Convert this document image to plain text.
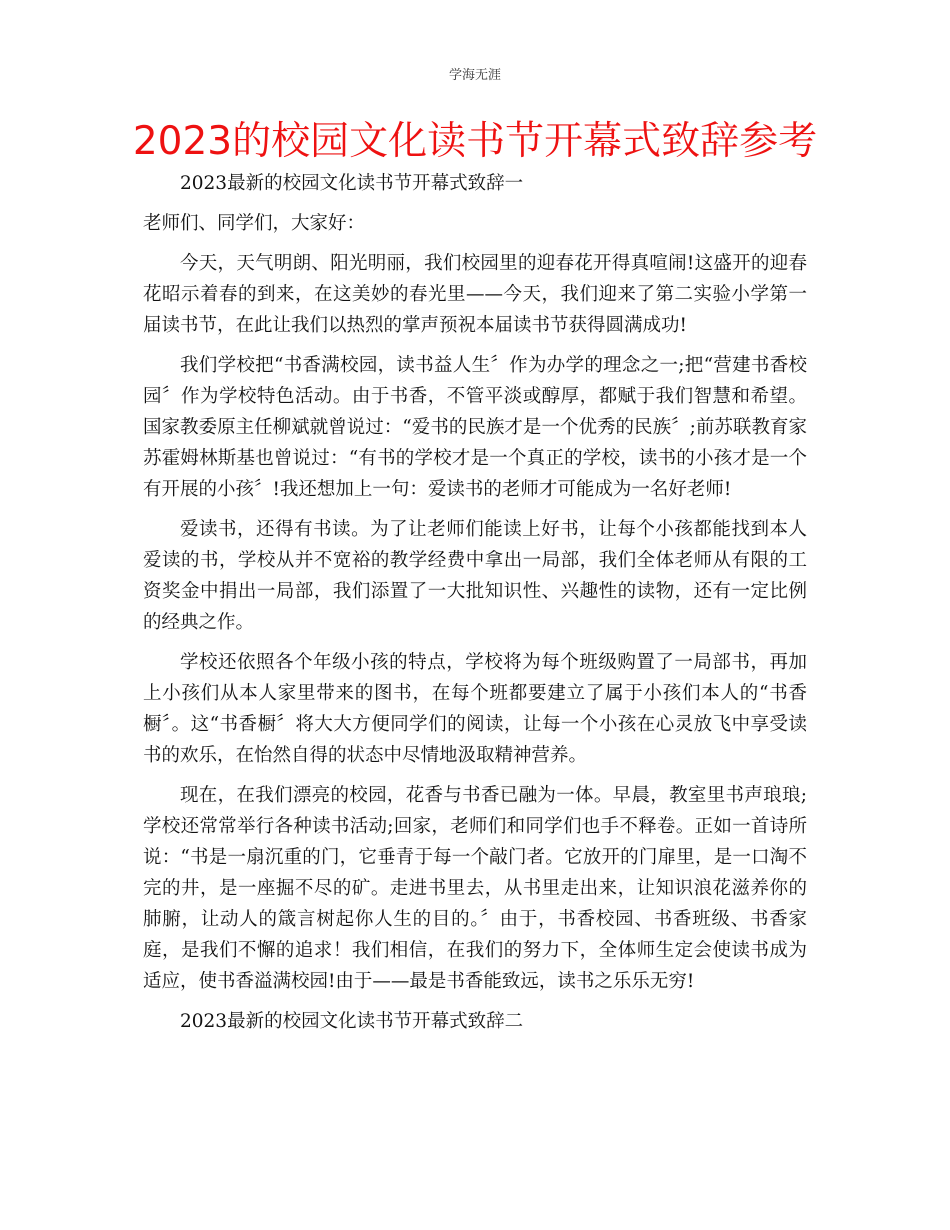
学海无涯
2023的校园文化读书节开幕式致辞参考

2023最新的校园文化读书节开幕式致辞一

老师们、同学们，大家好：

今天，天气明朗、阳光明丽，我们校园里的迎春花开得真喧闹!这盛开的迎春花昭示着春的到来，在这美妙的春光里——今天，我们迎来了第二实验小学第一届读书节，在此让我们以热烈的掌声预祝本届读书节获得圆满成功!

我们学校把“书香满校园，读书益人生〞作为办学的理念之一;把“营建书香校园〞作为学校特色活动。由于书香，不管平淡或醇厚，都赋于我们智慧和希望。国家教委原主任柳斌就曾说过：“爱书的民族才是一个优秀的民族〞;前苏联教育家苏霍姆林斯基也曾说过：“有书的学校才是一个真正的学校，读书的小孩才是一个有开展的小孩〞!我还想加上一句：爱读书的老师才可能成为一名好老师!

爱读书，还得有书读。为了让老师们能读上好书，让每个小孩都能找到本人爱读的书，学校从并不宽裕的教学经费中拿出一局部，我们全体老师从有限的工资奖金中捐出一局部，我们添置了一大批知识性、兴趣性的读物，还有一定比例的经典之作。

学校还依照各个年级小孩的特点，学校将为每个班级购置了一局部书，再加上小孩们从本人家里带来的图书，在每个班都要建立了属于小孩们本人的“书香橱〞。这“书香橱〞将大大方便同学们的阅读，让每一个小孩在心灵放飞中享受读书的欢乐，在怡然自得的状态中尽情地汲取精神营养。

现在，在我们漂亮的校园，花香与书香已融为一体。早晨，教室里书声琅琅;学校还常常举行各种读书活动;回家，老师们和同学们也手不释卷。正如一首诗所说：“书是一扇沉重的门，它垂青于每一个敲门者。它放开的门扉里，是一口淘不完的井，是一座掘不尽的矿。走进书里去，从书里走出来，让知识浪花滋养你的肺腑，让动人的箴言树起你人生的目的。〞由于，书香校园、书香班级、书香家庭，是我们不懈的追求！我们相信，在我们的努力下，全体师生定会使读书成为适应，使书香溢满校园!由于——最是书香能致远，读书之乐乐无穷!

2023最新的校园文化读书节开幕式致辞二
